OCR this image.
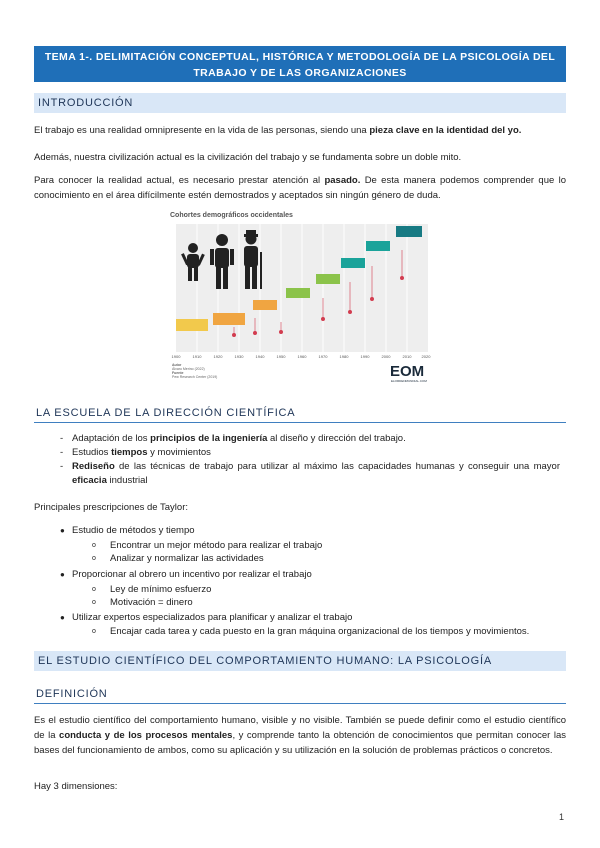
TEMA 1-. DELIMITACIÓN CONCEPTUAL, HISTÓRICA Y METODOLOGÍA DE LA PSICOLOGÍA DEL
TRABAJO Y DE LAS ORGANIZACIONES
INTRODUCCIÓN
El trabajo es una realidad omnipresente en la vida de las personas, siendo una pieza clave en la identidad del yo.
Además, nuestra civilización actual es la civilización del trabajo y se fundamenta sobre un doble mito.
Para conocer la realidad actual, es necesario prestar atención al pasado. De esta manera podemos comprender que lo conocimiento en el área difícilmente estén demostrados y aceptados sin ningún género de duda.
Cohortes demográficos occidentales
1900	1910	1920	1930	1940	1950	1960	1970	1980	1990	2000	2010	2020
Autor
Álvaro Merino (2022)
Fuente
Pew Research Center (2019)	EOM
ELORDENMUNDIAL.COM
LA ESCUELA DE LA DIRECCIÓN CIENTÍFICA
- Adaptación de los principios de la ingeniería al diseño y dirección del trabajo.
- Estudios tiempos y movimientos
- Rediseño de las técnicas de trabajo para utilizar al máximo las capacidades humanas y conseguir una mayor eficacia industrial
Principales prescripciones de Taylor:
● Estudio de métodos y tiempo
o Encontrar un mejor método para realizar el trabajo
o Analizar y normalizar las actividades
● Proporcionar al obrero un incentivo por realizar el trabajo
o Ley de mínimo esfuerzo
o Motivación = dinero
● Utilizar expertos especializados para planificar y analizar el trabajo
o Encajar cada tarea y cada puesto en la gran máquina organizacional de los tiempos y movimientos.
EL ESTUDIO CIENTÍFICO DEL COMPORTAMIENTO HUMANO: LA PSICOLOGÍA
DEFINICIÓN
Es el estudio científico del comportamiento humano, visible y no visible. También se puede definir como el estudio científico de la conducta y de los procesos mentales, y comprende tanto la obtención de conocimientos que permitan conocer las bases del funcionamiento de ambos, como su aplicación y su utilización en la solución de problemas prácticos o concretos.
Hay 3 dimensiones:
1
